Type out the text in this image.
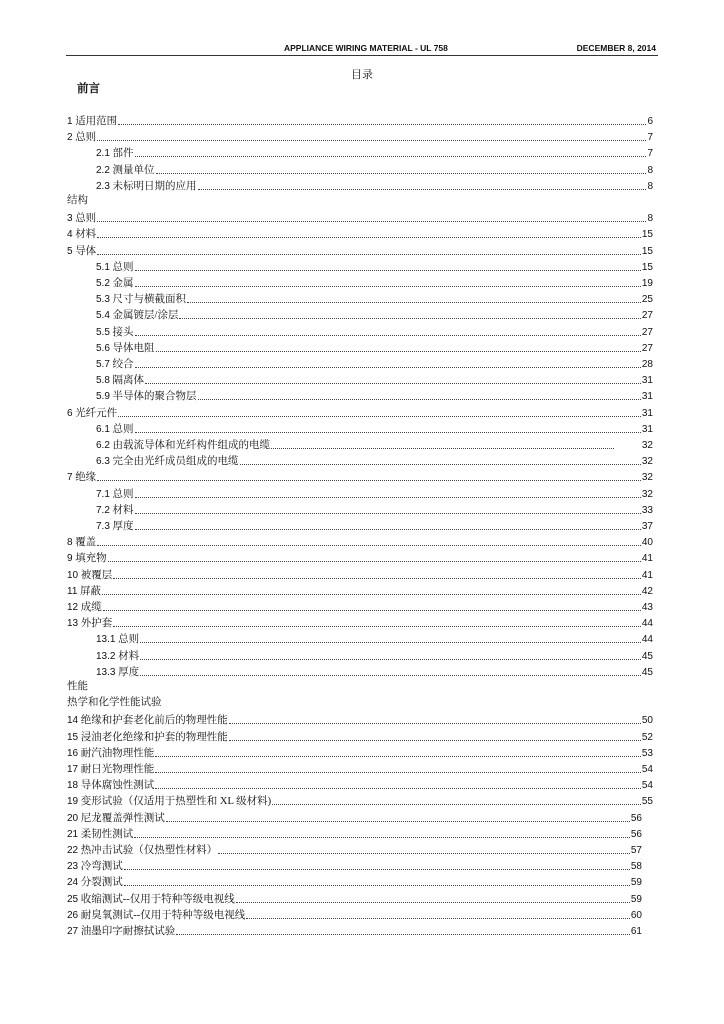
APPLIANCE WIRING MATERIAL - UL 758	DECEMBER 8, 2014
目录
前言
1 适用范围	6
2 总则	7
2.1 部件	7
2.2 测量单位	8
2.3 未标明日期的应用	8
结构
3 总则	8
4 材料	15
5 导体	15
5.1 总则	15
5.2 金属	19
5.3 尺寸与横截面积	25
5.4 金属镀层/涂层	27
5.5 接头	27
5.6 导体电阻	27
5.7 绞合	28
5.8 隔离体	31
5.9 半导体的聚合物层	31
6 光纤元件	31
6.1 总则	31
6.2 由载流导体和光纤构件组成的电缆	32
6.3 完全由光纤成员组成的电缆	32
7 绝缘	32
7.1 总则	32
7.2 材料	33
7.3 厚度	37
8 覆盖	40
9 填充物	41
10 被覆层	41
11 屏蔽	42
12 成缆	43
13 外护套	44
13.1 总则	44
13.2 材料	45
13.3 厚度	45
性能
热学和化学性能试验
14 绝缘和护套老化前后的物理性能	50
15 浸油老化绝缘和护套的物理性能	52
16 耐汽油物理性能	53
17 耐日光物理性能	54
18 导体腐蚀性测试	54
19 变形试验（仅适用于热塑性和 XL 级材料)	55
20 尼龙覆盖弹性测试	56
21 柔韧性测试	56
22 热冲击试验（仅热塑性材料）	57
23 冷弯测试	58
24 分裂测试	59
25 收缩测试--仅用于特种等级电视线	59
26 耐臭氧测试--仅用于特种等级电视线	60
27 油墨印字耐擦拭试验	61
